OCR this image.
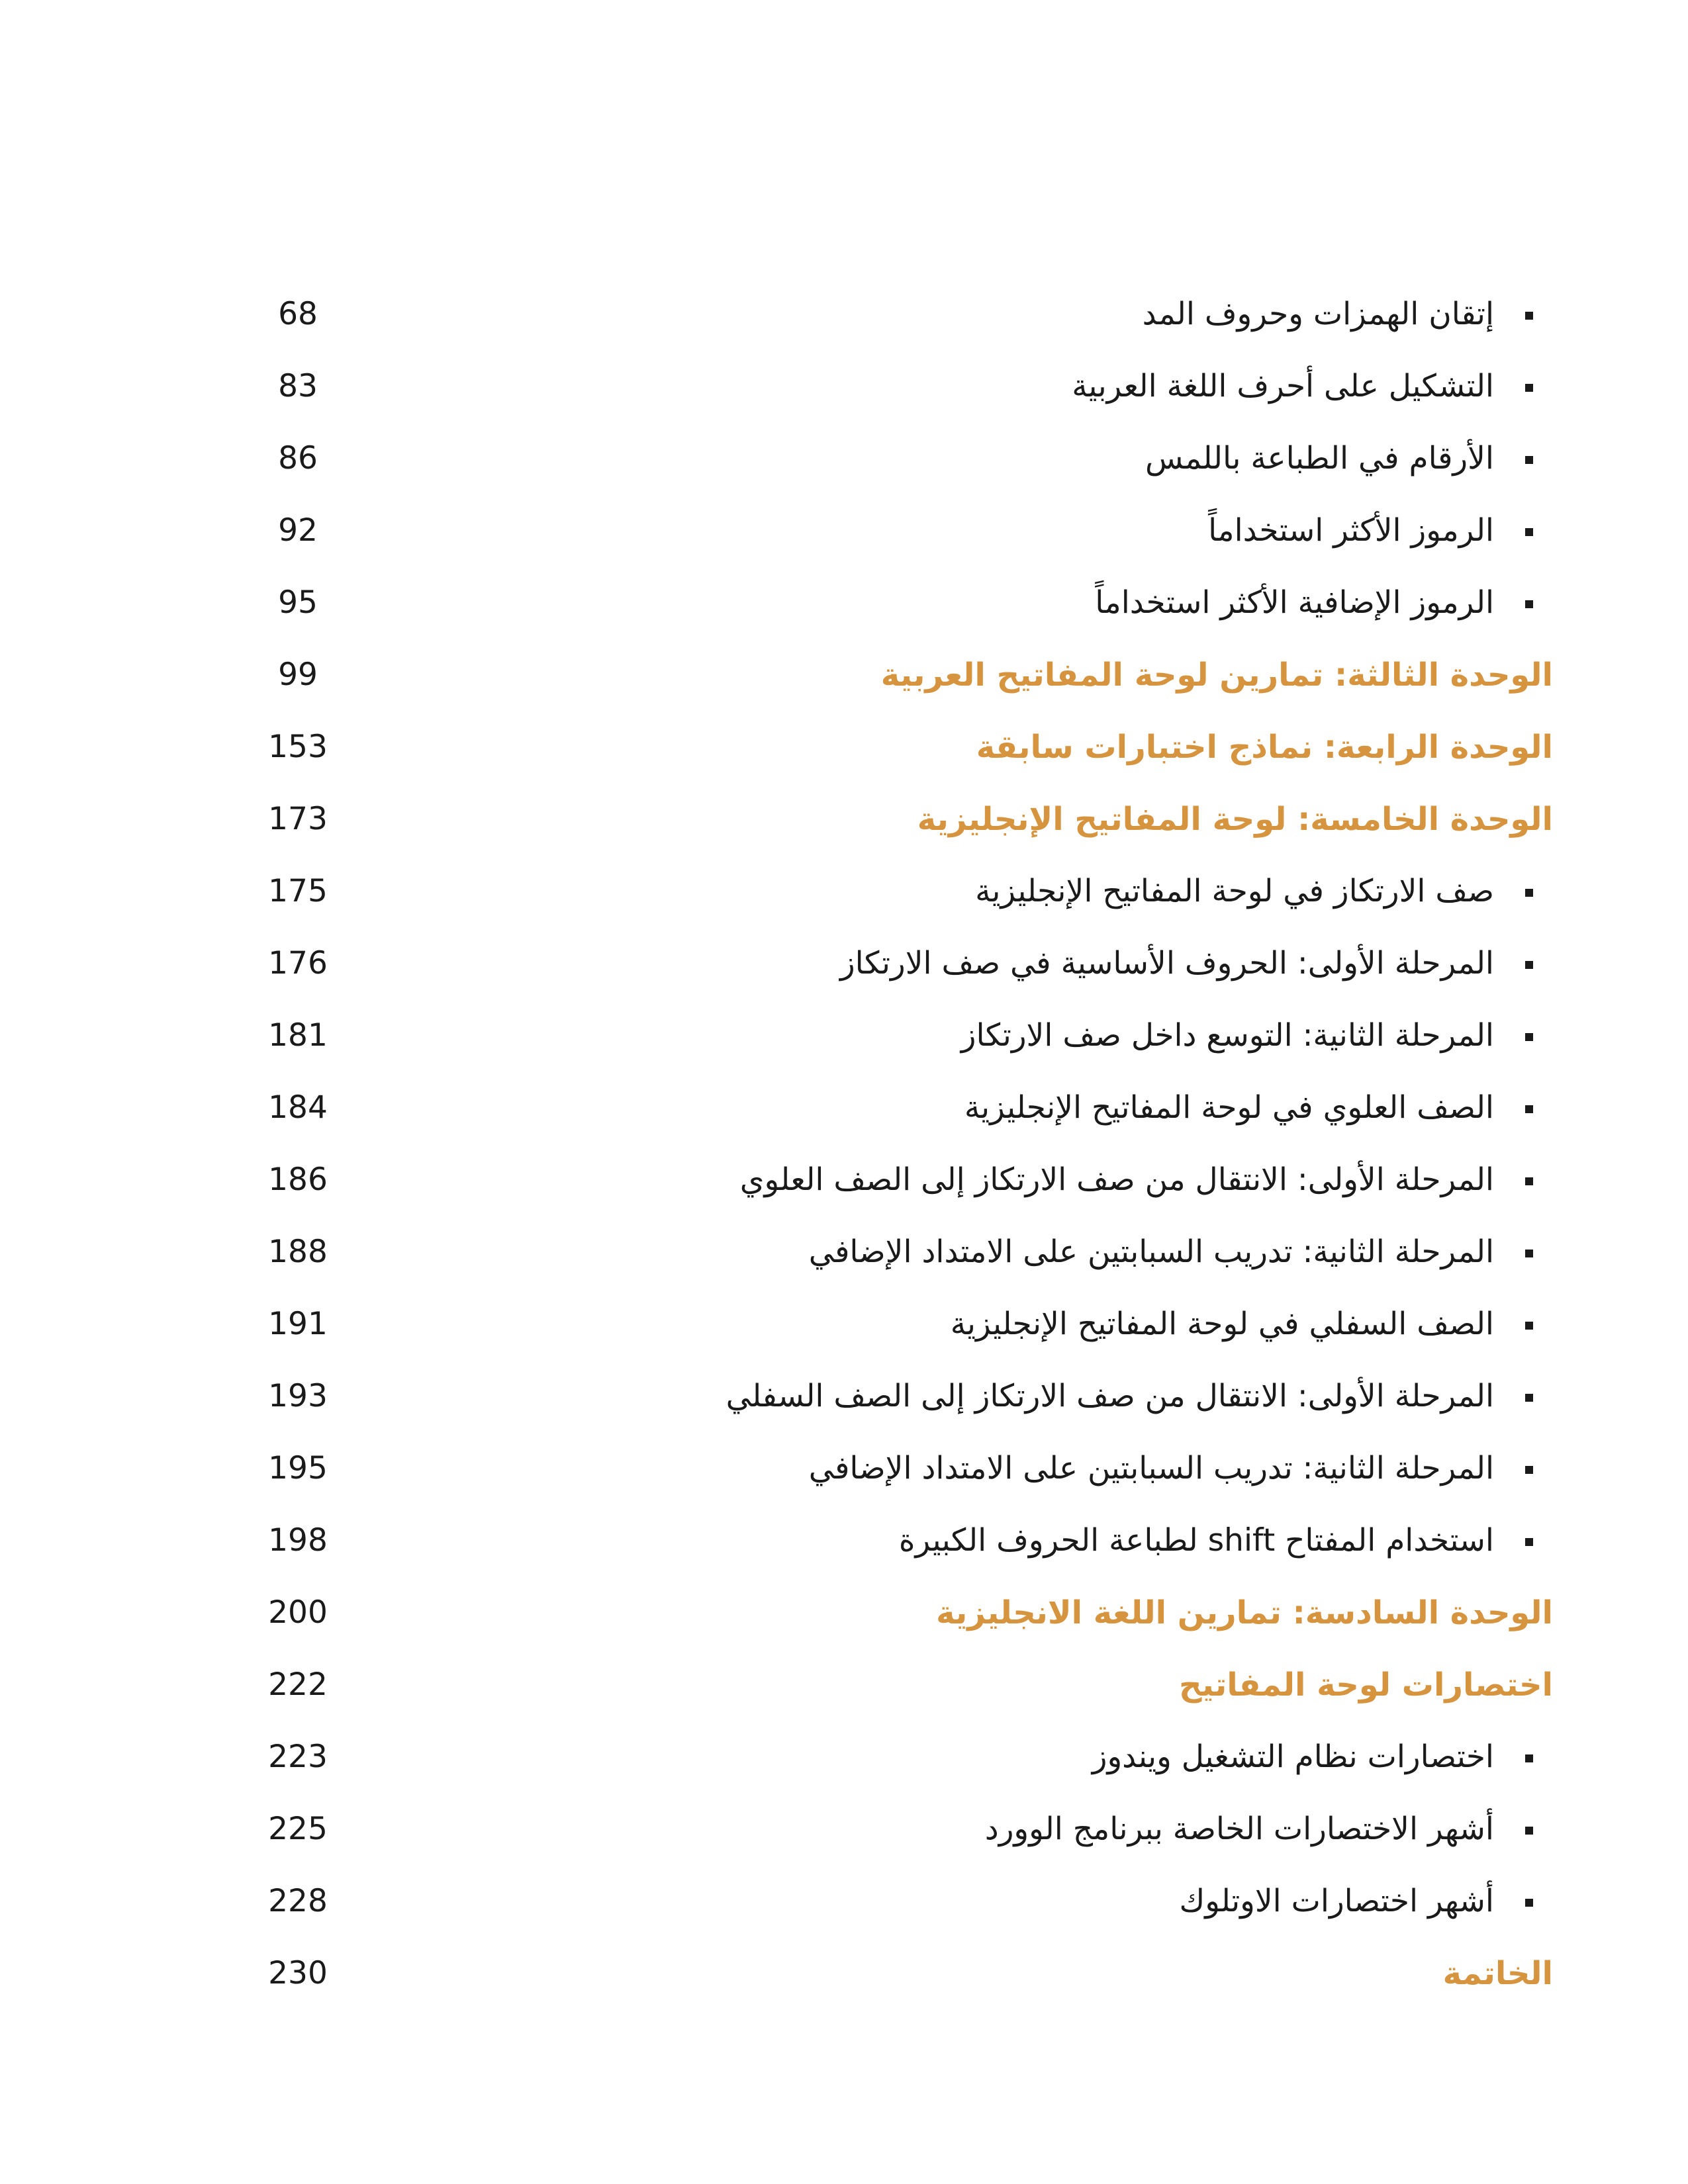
إتقان الهمزات وحروف المد
68
التشكيل على أحرف اللغة العربية
83
الأرقام في الطباعة باللمس
86
الرموز الأكثر استخداماً
92
الرموز الإضافية الأكثر استخداماً
95
الوحدة الثالثة: تمارين لوحة المفاتيح العربية
99
الوحدة الرابعة: نماذج اختبارات سابقة
153
الوحدة الخامسة: لوحة المفاتيح الإنجليزية
173
صف الارتكاز في لوحة المفاتيح الإنجليزية
175
المرحلة الأولى: الحروف الأساسية في صف الارتكاز
176
المرحلة الثانية: التوسع داخل صف الارتكاز
181
الصف العلوي في لوحة المفاتيح الإنجليزية
184
المرحلة الأولى: الانتقال من صف الارتكاز إلى الصف العلوي
186
المرحلة الثانية: تدريب السبابتين على الامتداد الإضافي
188
الصف السفلي في لوحة المفاتيح الإنجليزية
191
المرحلة الأولى: الانتقال من صف الارتكاز إلى الصف السفلي
193
المرحلة الثانية: تدريب السبابتين على الامتداد الإضافي
195
استخدام المفتاح shift لطباعة الحروف الكبيرة
198
الوحدة السادسة: تمارين اللغة الانجليزية
200
اختصارات لوحة المفاتيح
222
اختصارات نظام التشغيل ويندوز
223
أشهر الاختصارات الخاصة ببرنامج الوورد
225
أشهر اختصارات الاوتلوك
228
الخاتمة
230
